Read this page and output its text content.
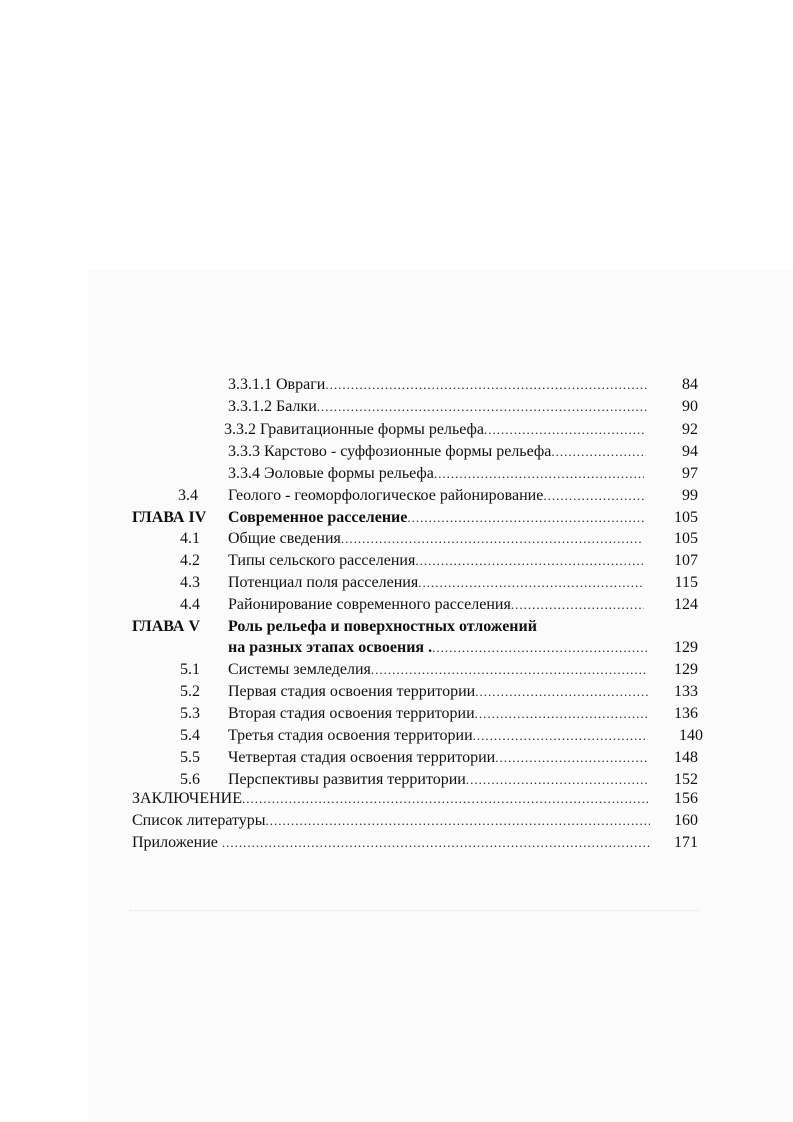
3.3.1.1 Овраги .....	84
3.3.1.2 Балки .....	90
3.3.2 Гравитационные формы рельефа .....	92
3.3.3 Карстово - суффозионные формы рельефа .....	94
3.3.4 Эоловые формы рельефа .....	97
3.4 Геолого - геоморфологическое районирование .....	99
ГЛАВА IV Современное расселение .....	105
4.1 Общие сведения .....	105
4.2 Типы сельского расселения .....	107
4.3 Потенциал поля расселения .....	115
4.4 Районирование современного расселения .....	124
ГЛАВА V Роль рельефа и поверхностных отложений
на разных этапах освоения . .....	129
5.1 Системы земледелия .....	129
5.2 Первая стадия освоения территории .....	133
5.3 Вторая стадия освоения территории .....	136
5.4 Третья стадия освоения территории .....	140
5.5 Четвертая стадия освоения территории .....	148
5.6 Перспективы развития территории .....	152
ЗАКЛЮЧЕНИЕ .....	156
Список литературы .....	160
Приложение .....	171
